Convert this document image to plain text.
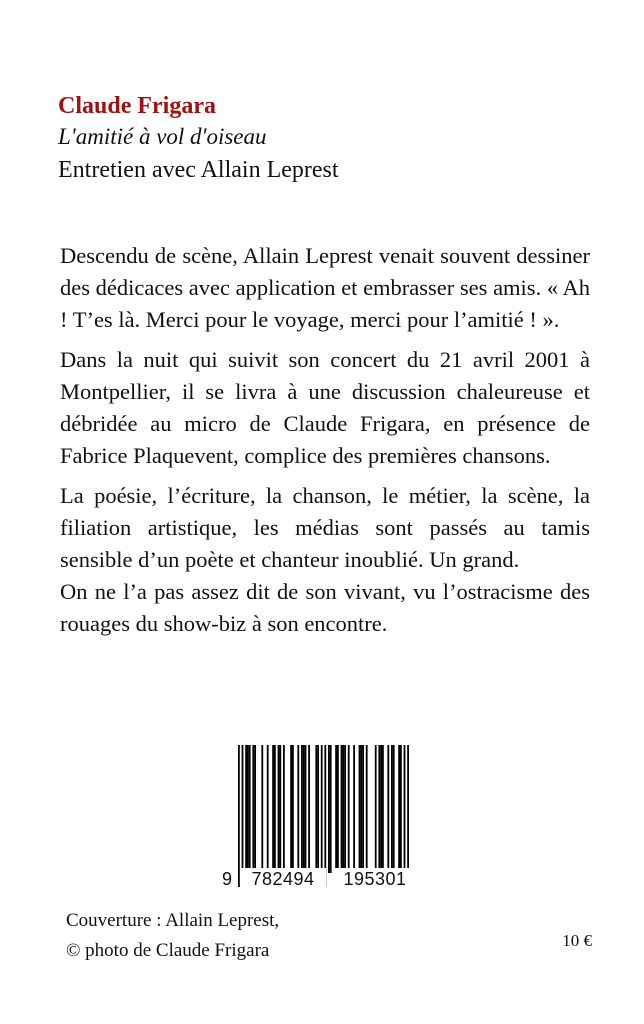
Claude Frigara
L'amitié à vol d'oiseau
Entretien avec Allain Leprest

Descendu de scène, Allain Leprest venait souvent dessiner des dédicaces avec application et embrasser ses amis. « Ah ! T’es là. Merci pour le voyage, merci pour l’amitié ! ».

Dans la nuit qui suivit son concert du 21 avril 2001 à Montpellier, il se livra à une discussion chaleureuse et débridée au micro de Claude Frigara, en présence de Fabrice Plaquevent, complice des premières chansons.

La poésie, l’écriture, la chanson, le métier, la scène, la filiation artistique, les médias sont passés au tamis sensible d’un poète et chanteur inoublié. Un grand.

On ne l’a pas assez dit de son vivant, vu l’ostracisme des rouages du show-biz à son encontre.

9	782494	195301
Couverture : Allain Leprest,
© photo de Claude Frigara	10 €
